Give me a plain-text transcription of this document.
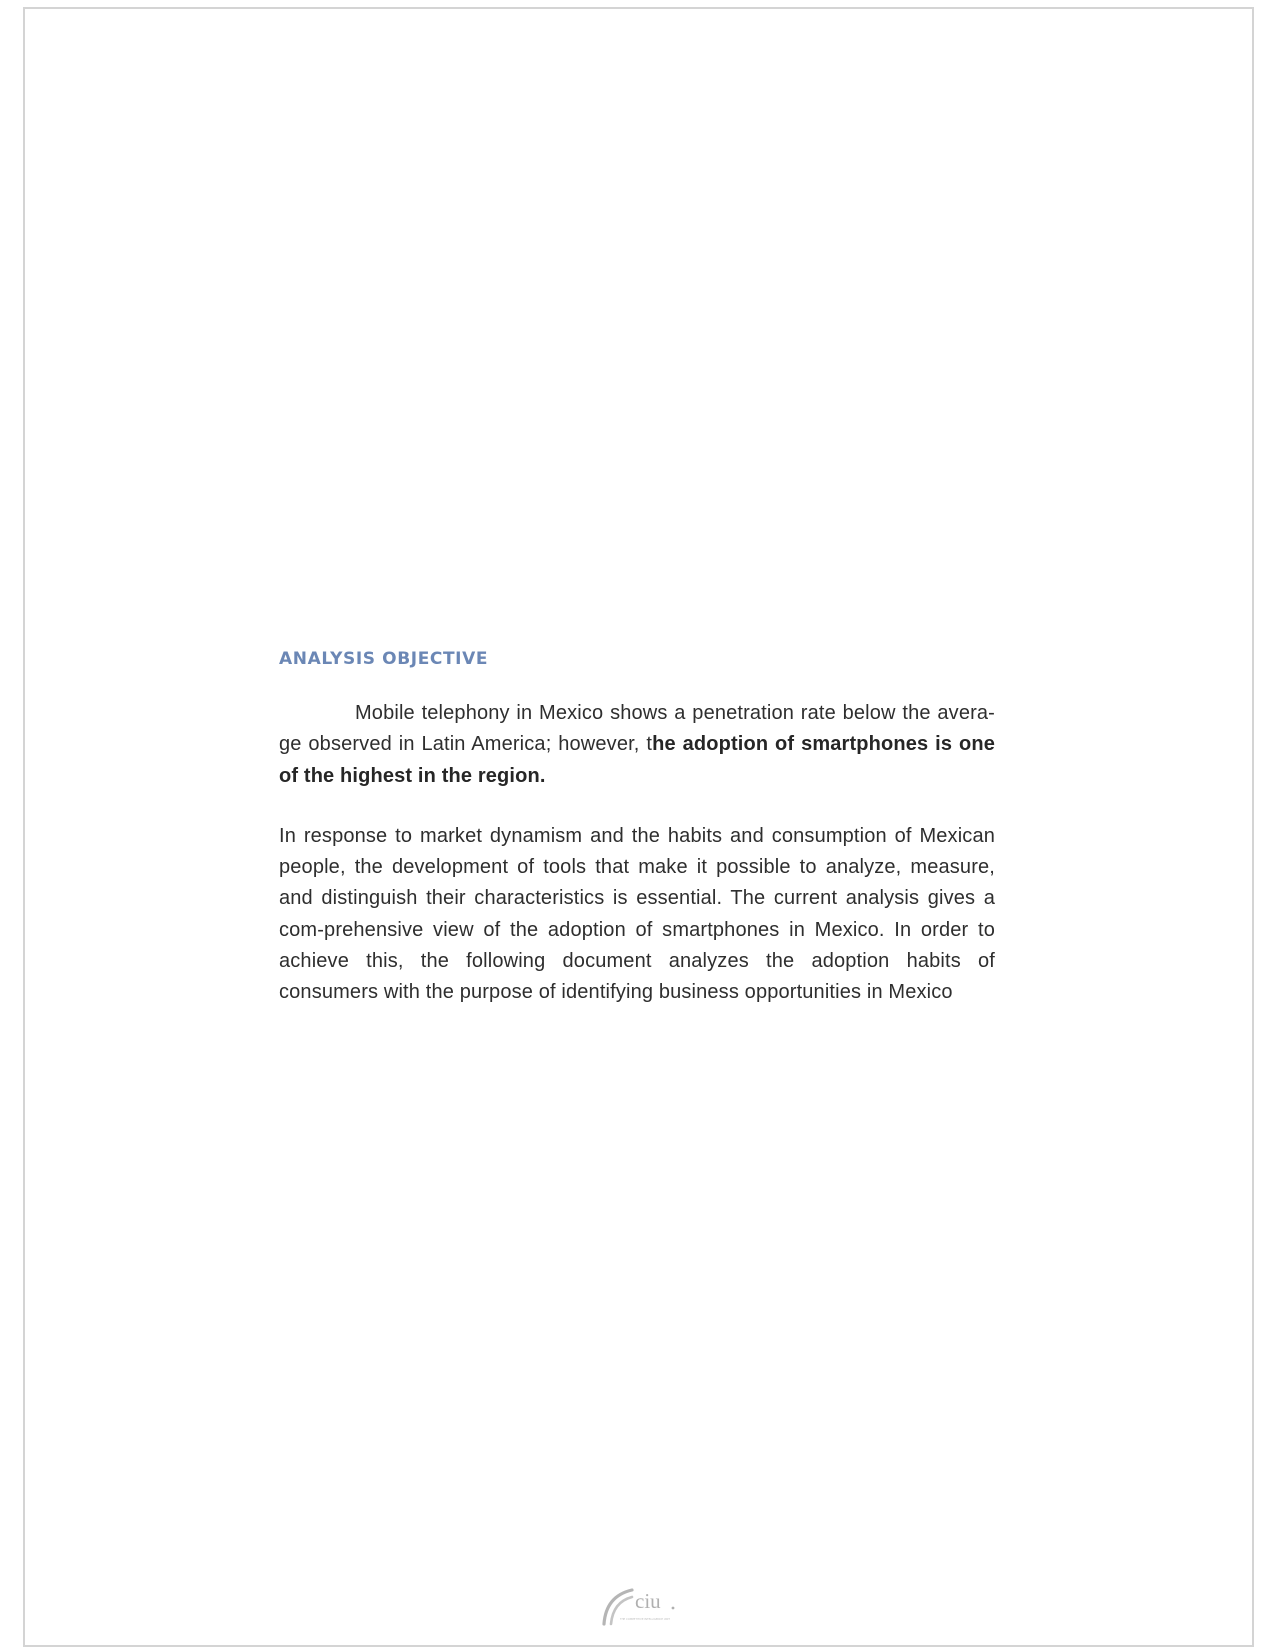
ANALYSIS OBJECTIVE

Mobile telephony in Mexico shows a penetration rate below the avera-ge observed in Latin America; however, the adoption of smartphones is one of the highest in the region.

In response to market dynamism and the habits and consumption of Mexican people, the development of tools that make it possible to analyze, measure, and distinguish their characteristics is essential. The current analysis gives a com-prehensive view of the adoption of smartphones in Mexico. In order to achieve this, the following document analyzes the adoption habits of consumers with the purpose of identifying business opportunities in Mexico

ciu
THE COMPETITIVE INTELLIGENCE UNIT
